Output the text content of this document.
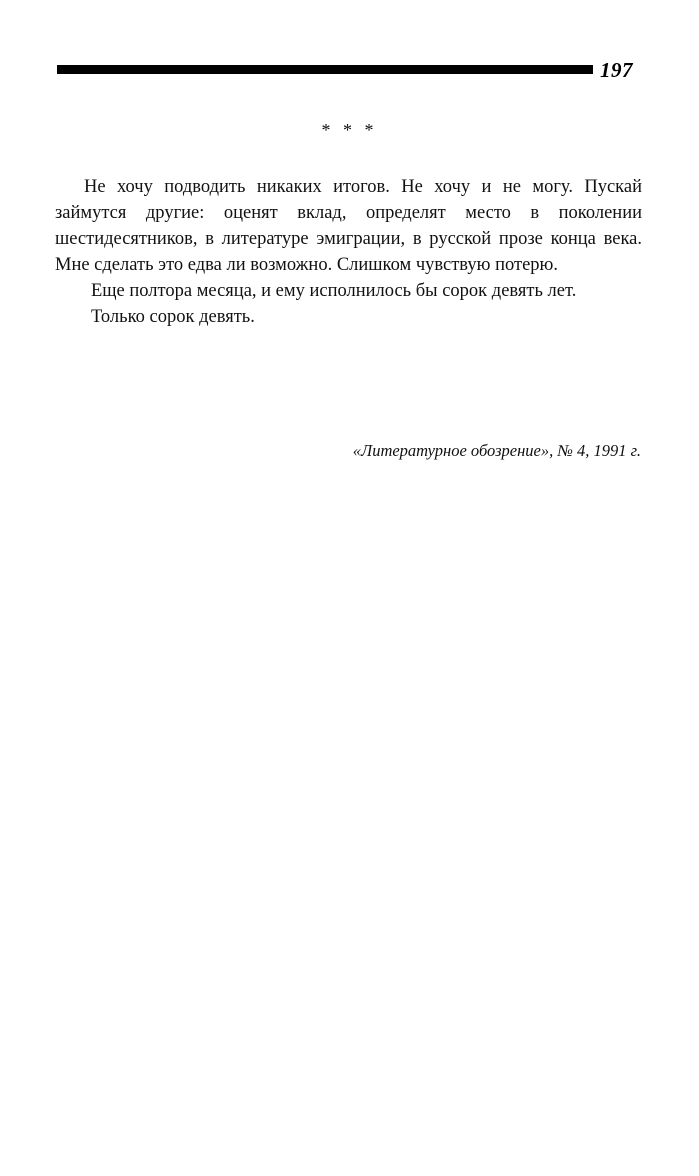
197
* * *

Не хочу подводить никаких итогов. Не хочу и не могу. Пускай займутся другие: оценят вклад, определят место в поколении шестидесятников, в литературе эмиграции, в русской прозе конца века. Мне сделать это едва ли возможно. Слишком чувствую потерю.

Еще полтора месяца, и ему исполнилось бы сорок девять лет.

Только сорок девять.

«Литературное обозрение», № 4, 1991 г.
